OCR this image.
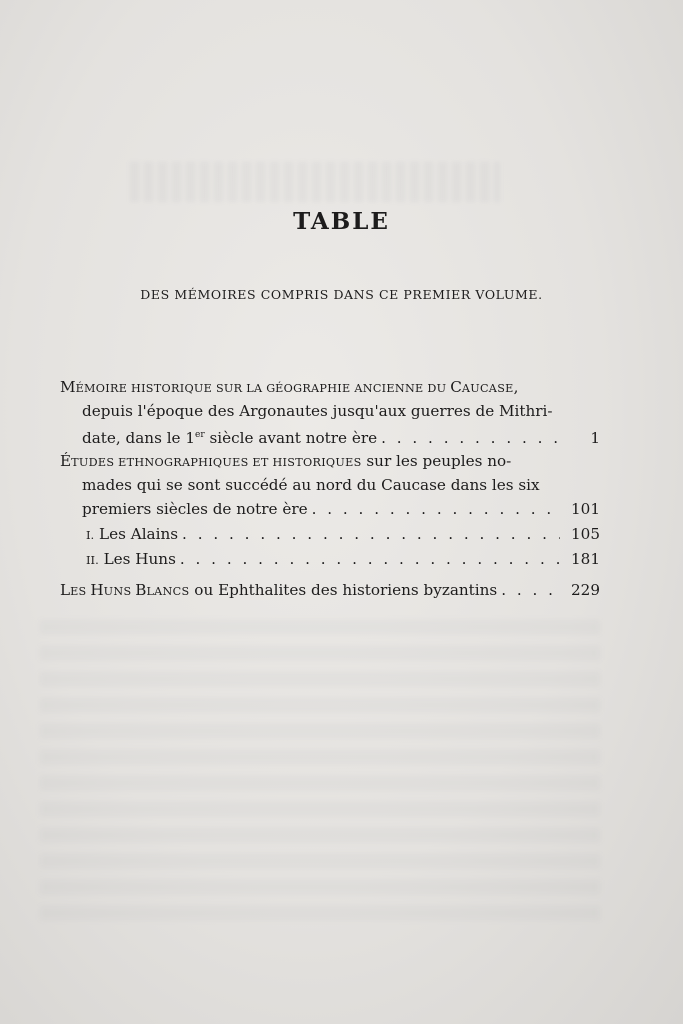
TABLE
DES MÉMOIRES COMPRIS DANS CE PREMIER VOLUME.
MÉMOIRE HISTORIQUE SUR LA GÉOGRAPHIE ANCIENNE DU CAUCASE,
depuis l'époque des Argonautes jusqu'aux guerres de Mithri-
date, dans le 1er siècle avant notre ère . . .	1
ÉTUDES ETHNOGRAPHIQUES ET HISTORIQUES sur les peuples no-
mades qui se sont succédé au nord du Caucase dans les six
premiers siècles de notre ère . . .	101
I. Les Alains . . .	105
II. Les Huns . . .	181
LES HUNS BLANCS ou Ephthalites des historiens byzantins . . .	229
